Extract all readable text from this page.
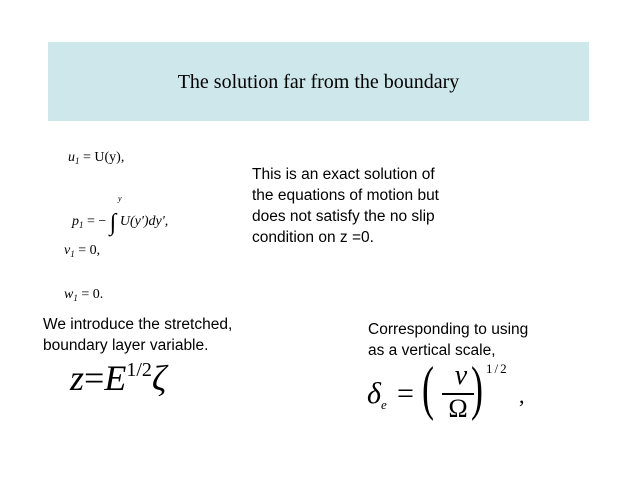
The solution far from the boundary
$u_1 = U(y)$,
$p_1$ = − ∫ U(y')dy',
y
$v_1 = 0$,
$w_1 = 0$.
This is an exact solution of
the equations of motion but
does not satisfy the no slip
condition on z =0.
We introduce the stretched,
boundary layer variable.
Corresponding to using
as a vertical scale,
$z=E^{1/2}\zeta$	$\delta_e$ = ( ν
Ω ) 1/2
,
